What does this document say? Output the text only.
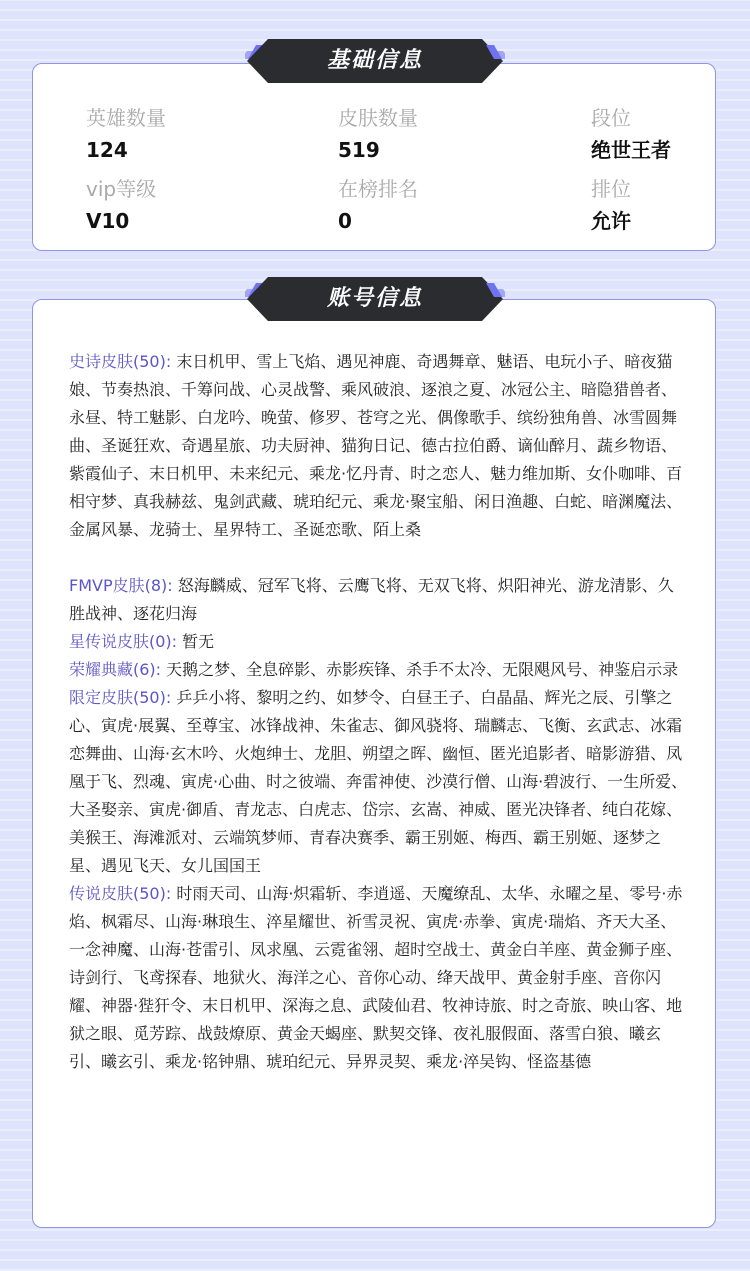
英雄数量
124
皮肤数量
519
段位
绝世王者
vip等级
V10
在榜排名
0
排位
允许
基础信息

史诗皮肤(50): 末日机甲、雪上飞焰、遇见神鹿、奇遇舞章、魅语、电玩小子、暗夜猫娘、节奏热浪、千筹问战、心灵战警、乘风破浪、逐浪之夏、冰冠公主、暗隐猎兽者、永昼、特工魅影、白龙吟、晚萤、修罗、苍穹之光、偶像歌手、缤纷独角兽、冰雪圆舞曲、圣诞狂欢、奇遇星旅、功夫厨神、猫狗日记、德古拉伯爵、谪仙醉月、蔬乡物语、紫霞仙子、末日机甲、未来纪元、乘龙·忆丹青、时之恋人、魅力维加斯、女仆咖啡、百相守梦、真我赫兹、鬼剑武藏、琥珀纪元、乘龙·聚宝船、闲日渔趣、白蛇、暗渊魔法、金属风暴、龙骑士、星界特工、圣诞恋歌、陌上桑

FMVP皮肤(8): 怒海麟威、冠军飞将、云鹰飞将、无双飞将、炽阳神光、游龙清影、久胜战神、逐花归海

星传说皮肤(0): 暂无

荣耀典藏(6): 天鹅之梦、全息碎影、赤影疾锋、杀手不太冷、无限飓风号、神鉴启示录

限定皮肤(50): 乒乒小将、黎明之约、如梦令、白昼王子、白晶晶、辉光之辰、引擎之心、寅虎·展翼、至尊宝、冰锋战神、朱雀志、御风骁将、瑞麟志、飞衡、玄武志、冰霜恋舞曲、山海·玄木吟、火炮绅士、龙胆、朔望之晖、幽恒、匿光追影者、暗影游猎、凤凰于飞、烈魂、寅虎·心曲、时之彼端、奔雷神使、沙漠行僧、山海·碧波行、一生所爱、大圣娶亲、寅虎·御盾、青龙志、白虎志、岱宗、玄嵩、神威、匿光决锋者、纯白花嫁、美猴王、海滩派对、云端筑梦师、青春决赛季、霸王别姬、梅西、霸王别姬、逐梦之星、遇见飞天、女儿国国王

传说皮肤(50): 时雨天司、山海·炽霜斩、李逍遥、天魔缭乱、太华、永曜之星、零号·赤焰、枫霜尽、山海·琳琅生、淬星耀世、祈雪灵祝、寅虎·赤拳、寅虎·瑞焰、齐天大圣、一念神魔、山海·苍雷引、凤求凰、云霓雀翎、超时空战士、黄金白羊座、黄金狮子座、诗剑行、飞鸢探春、地狱火、海洋之心、音你心动、绛天战甲、黄金射手座、音你闪耀、神器·狴犴令、末日机甲、深海之息、武陵仙君、牧神诗旅、时之奇旅、映山客、地狱之眼、觅芳踪、战鼓燎原、黄金天蝎座、默契交锋、夜礼服假面、落雪白狼、曦玄引、曦玄引、乘龙·铭钟鼎、琥珀纪元、异界灵契、乘龙·淬吴钩、怪盗基德

账号信息
